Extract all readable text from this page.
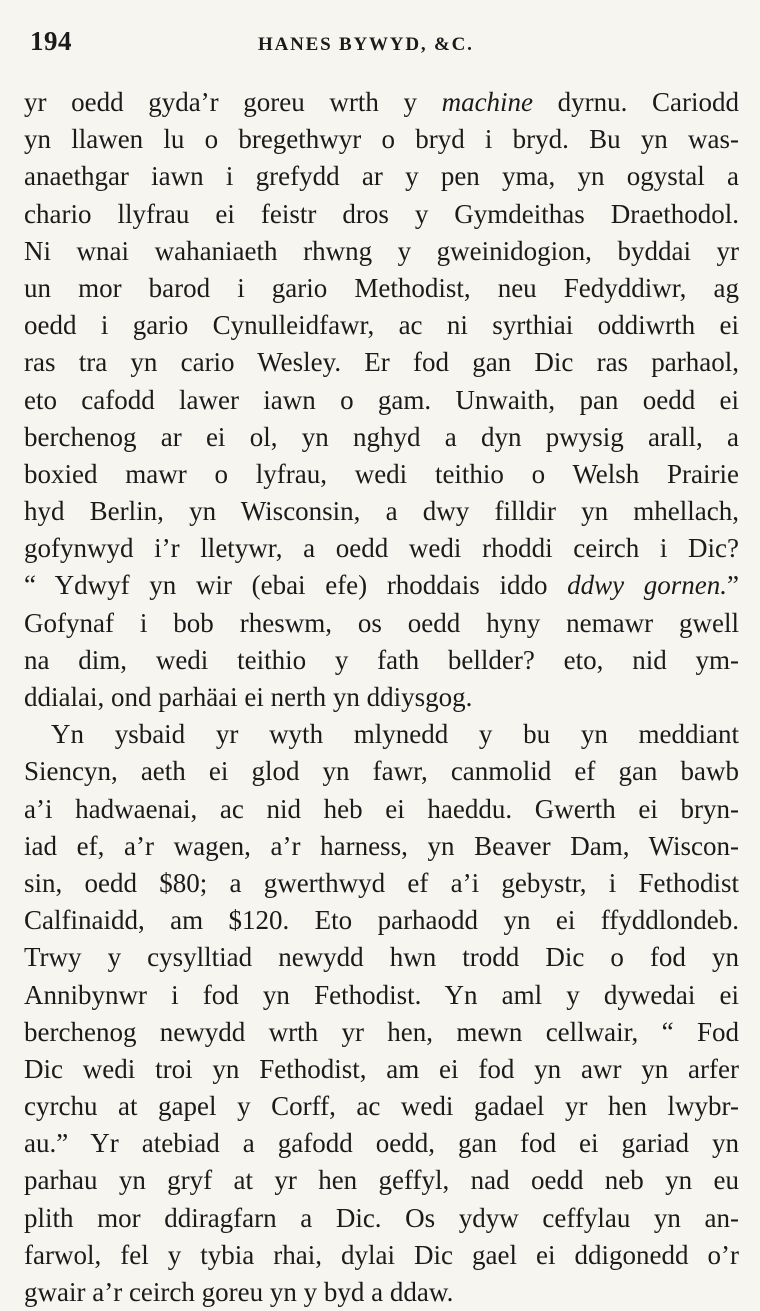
194	HANES BYWYD, &C.
yr oedd gyda’r goreu wrth y machine dyrnu. Cariodd
yn llawen lu o bregethwyr o bryd i bryd. Bu yn was-
anaethgar iawn i grefydd ar y pen yma, yn ogystal a
chario llyfrau ei feistr dros y Gymdeithas Draethodol.
Ni wnai wahaniaeth rhwng y gweinidogion, byddai yr
un mor barod i gario Methodist, neu Fedyddiwr, ag
oedd i gario Cynulleidfawr, ac ni syrthiai oddiwrth ei
ras tra yn cario Wesley. Er fod gan Dic ras parhaol,
eto cafodd lawer iawn o gam. Unwaith, pan oedd ei
berchenog ar ei ol, yn nghyd a dyn pwysig arall, a
boxied mawr o lyfrau, wedi teithio o Welsh Prairie
hyd Berlin, yn Wisconsin, a dwy filldir yn mhellach,
gofynwyd i’r lletywr, a oedd wedi rhoddi ceirch i Dic?
“ Ydwyf yn wir (ebai efe) rhoddais iddo ddwy gornen.”
Gofynaf i bob rheswm, os oedd hyny nemawr gwell
na dim, wedi teithio y fath bellder? eto, nid ym-
ddialai, ond parhäai ei nerth yn ddiysgog.
Yn ysbaid yr wyth mlynedd y bu yn meddiant
Siencyn, aeth ei glod yn fawr, canmolid ef gan bawb
a’i hadwaenai, ac nid heb ei haeddu. Gwerth ei bryn-
iad ef, a’r wagen, a’r harness, yn Beaver Dam, Wiscon-
sin, oedd $80; a gwerthwyd ef a’i gebystr, i Fethodist
Calfinaidd, am $120. Eto parhaodd yn ei ffyddlondeb.
Trwy y cysylltiad newydd hwn trodd Dic o fod yn
Annibynwr i fod yn Fethodist. Yn aml y dywedai ei
berchenog newydd wrth yr hen, mewn cellwair, “ Fod
Dic wedi troi yn Fethodist, am ei fod yn awr yn arfer
cyrchu at gapel y Corff, ac wedi gadael yr hen lwybr-
au.” Yr atebiad a gafodd oedd, gan fod ei gariad yn
parhau yn gryf at yr hen geffyl, nad oedd neb yn eu
plith mor ddiragfarn a Dic. Os ydyw ceffylau yn an-
farwol, fel y tybia rhai, dylai Dic gael ei ddigonedd o’r
gwair a’r ceirch goreu yn y byd a ddaw.
